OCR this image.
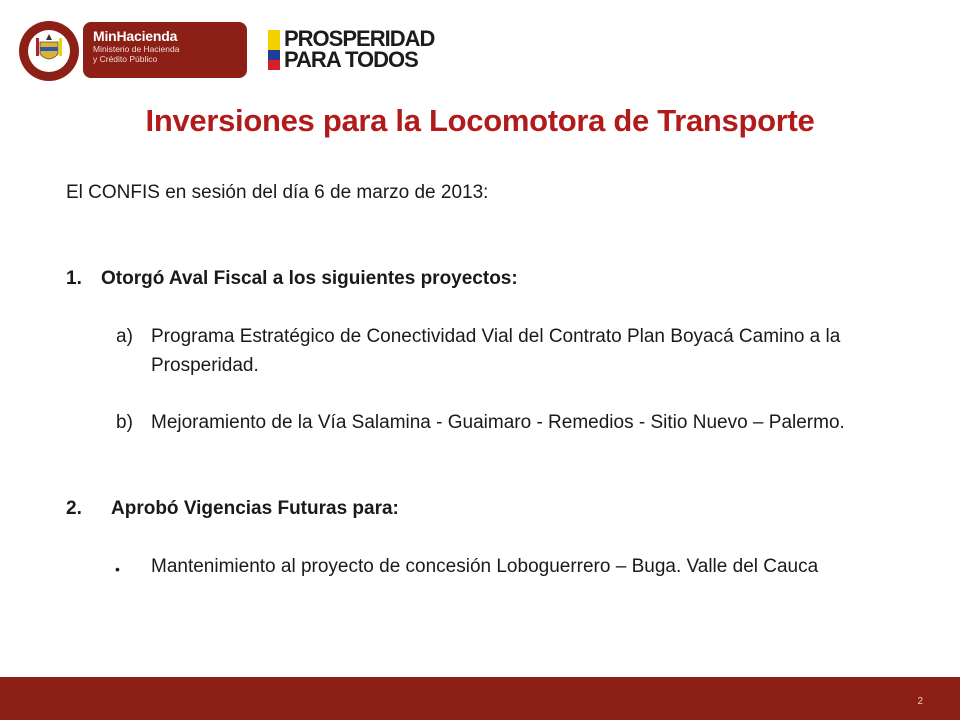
MinHacienda
Ministerio de Hacienda
y Crédito Público
PROSPERIDAD
PARA TODOS
Inversiones para la Locomotora de Transporte
El CONFIS en sesión del día 6 de marzo de 2013:
1. Otorgó Aval Fiscal a los siguientes proyectos:
a) Programa Estratégico de Conectividad Vial del Contrato Plan Boyacá Camino a la Prosperidad.
b) Mejoramiento de la Vía Salamina - Guaimaro - Remedios - Sitio Nuevo – Palermo.
2. Aprobó Vigencias Futuras para:
• Mantenimiento al proyecto de concesión Loboguerrero – Buga. Valle del Cauca
2
